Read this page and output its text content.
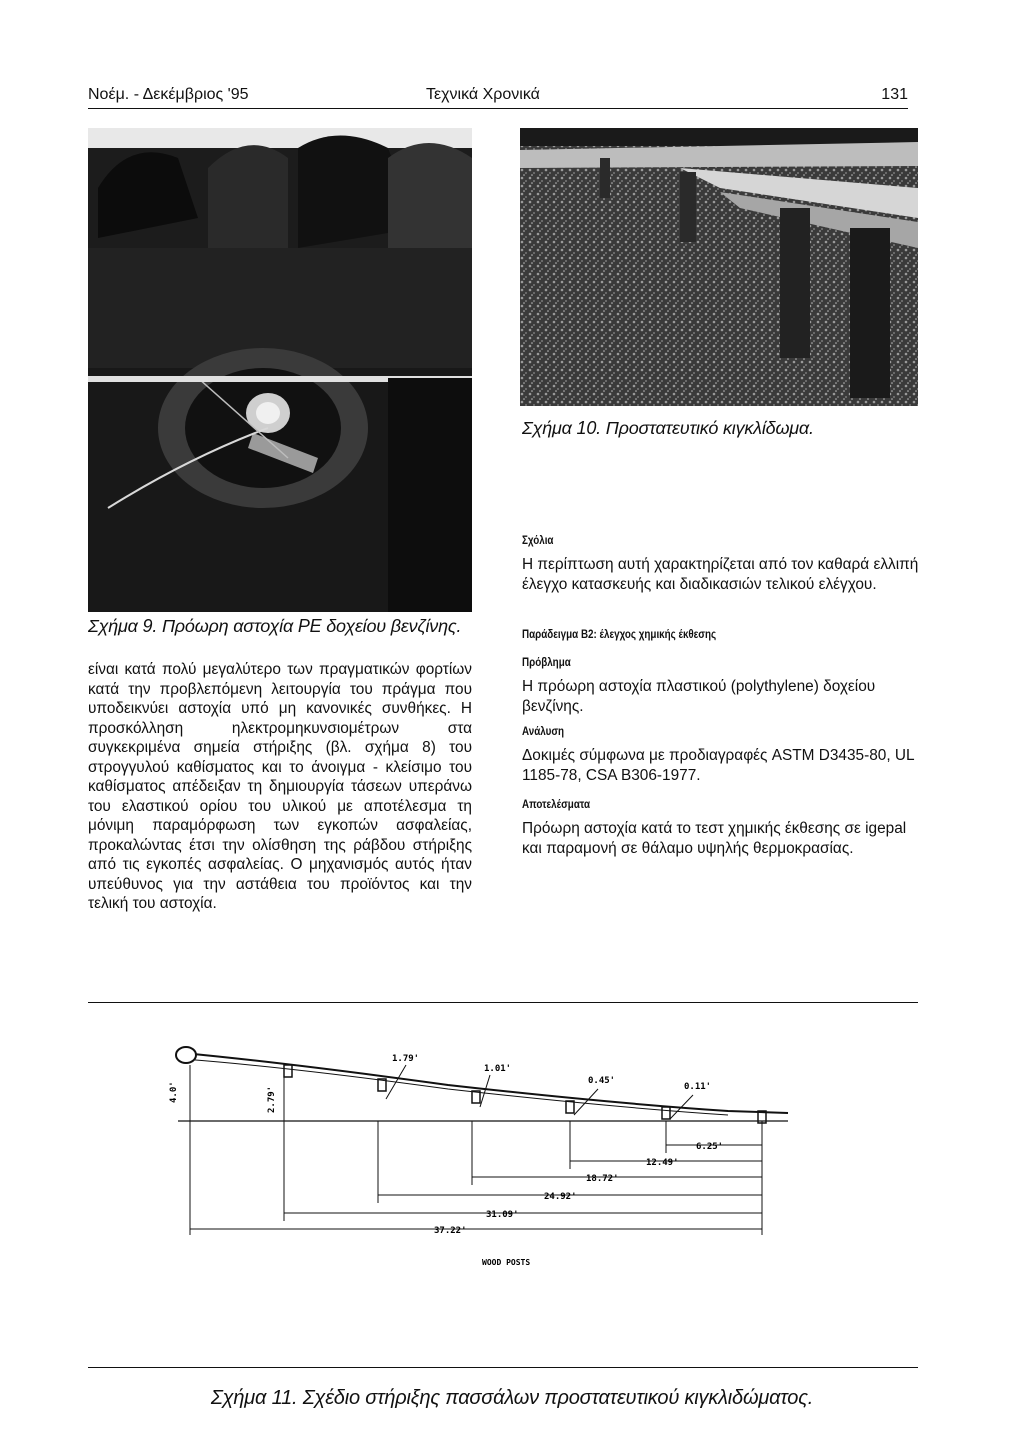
Νοέμ. - Δεκέμβριος '95	Τεχνικά Χρονικά	131
Σχήμα 9. Πρόωρη αστοχία PE δοχείου βενζίνης.
Σχήμα 10. Προστατευτικό κιγκλίδωμα.
είναι κατά πολύ μεγαλύτερο των πραγματικών φορτίων κατά την προβλεπόμενη λειτουργία του πράγμα που υποδεικνύει αστοχία υπό μη κανονικές συνθήκες. Η προσκόλληση ηλεκτρομηκυνσιομέτρων στα συγκεκριμένα σημεία στήριξης (βλ. σχήμα 8) του στρογγυλού καθίσματος και το άνοιγμα - κλείσιμο του καθίσματος απέδειξαν τη δημιουργία τάσεων υπεράνω του ελαστικού ορίου του υλικού με αποτέλεσμα τη μόνιμη παραμόρφωση των εγκοπών ασφαλείας, προκαλώντας έτσι την ολίσθηση της ράβδου στήριξης από τις εγκοπές ασφαλείας. Ο μηχανισμός αυτός ήταν υπεύθυνος για την αστάθεια του προϊόντος και την τελική του αστοχία.
Σχόλια
Η περίπτωση αυτή χαρακτηρίζεται από τον καθαρά ελλιπή έλεγχο κατασκευής και διαδικασιών τελικού ελέγχου.
Παράδειγμα Β2: έλεγχος χημικής έκθεσης
Πρόβλημα
Η πρόωρη αστοχία πλαστικού (polythylene) δοχείου βενζίνης.
Ανάλυση
Δοκιμές σύμφωνα με προδιαγραφές ASTM D3435-80, UL 1185-78, CSA B306-1977.
Αποτελέσματα
Πρόωρη αστοχία κατά το τεστ χημικής έκθεσης σε igepal και παραμονή σε θάλαμο υψηλής θερμοκρασίας.
4.0'	2.79'
1.79'
1.01'
0.45'
0.11'
6.25'
12.49'
18.72'
24.92'
31.09'
37.22'
WOOD POSTS
Σχήμα 11. Σχέδιο στήριξης πασσάλων προστατευτικού κιγκλιδώματος.
